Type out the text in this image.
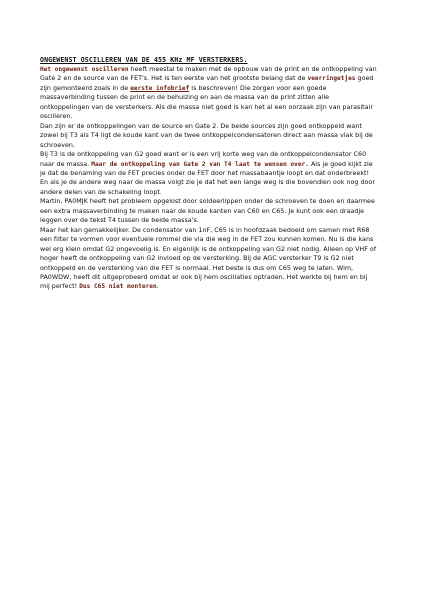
ONGEWENST OSCILLEREN VAN DE 455 KHz MF VERSTERKERS.

Het ongewenst oscilleren heeft meestal te maken met de opbouw van de print en de ontkoppeling van Gate 2 en de source van de FET's. Het is ten eerste van het grootste belang dat de veerringetjes goed zijn gemonteerd zoals in de eerste infobrief is beschreven! Die zorgen voor een goede massaverbinding tussen de print en de behuizing en aan de massa van de print zitten alle ontkoppelingen van de versterkers. Als die massa niet goed is kan het al een oorzaak zijn van parasitair oscilleren.

Dan zijn er de ontkoppelingen van de source en Gate 2. De beide sources zijn goed ontkoppeld want zowel bij T3 als T4 ligt de koude kant van de twee ontkoppelcondensatoren direct aan massa vlak bij de schroeven.

Bij T3 is de ontkoppeling van G2 goed want er is een vrij korte weg van de ontkoppelcondensator C60 naar de massa. Maar de ontkoppeling van Gate 2 van T4 laat te wensen over. Als je goed kijkt zie je dat de benaming van de FET precies onder de FET door het massabaantje loopt en dat onderbreekt! En als je de andere weg naar de massa volgt zie je dat het een lange weg is die bovendien ook nog door andere delen van de schakeling loopt.

Martin, PA0MJK heeft het probleem opgelost door soldeerlippen onder de schroeven te doen en daarmee een extra massaverbinding te maken naar de koude kanten van C60 en C65. Je kunt ook een draadje leggen over de tekst T4 tussen de beide massa's.

Maar het kan gemakkelijker. De condensator van 1nF, C65 is in hoofdzaak bedoeld om samen met R68 een filter te vormen voor eventuele rommel die via die weg in de FET zou kunnen komen. Nu is die kans wel erg klein omdat G2 ongevoelig is. En eigenlijk is de ontkoppeling van G2 niet nodig. Alleen op VHF of hoger heeft de ontkoppeling van G2 invloed op de versterking. Bij de AGC versterker T9 is G2 niet ontkoppeld en de versterking van die FET is normaal. Het beste is dus om C65 weg te laten. Wim, PA0WDW, heeft dit uitgeprobeerd omdat er ook bij hem oscillaties optraden. Het werkte bij hem en bij mij perfect! Dus C65 niet monteren.
